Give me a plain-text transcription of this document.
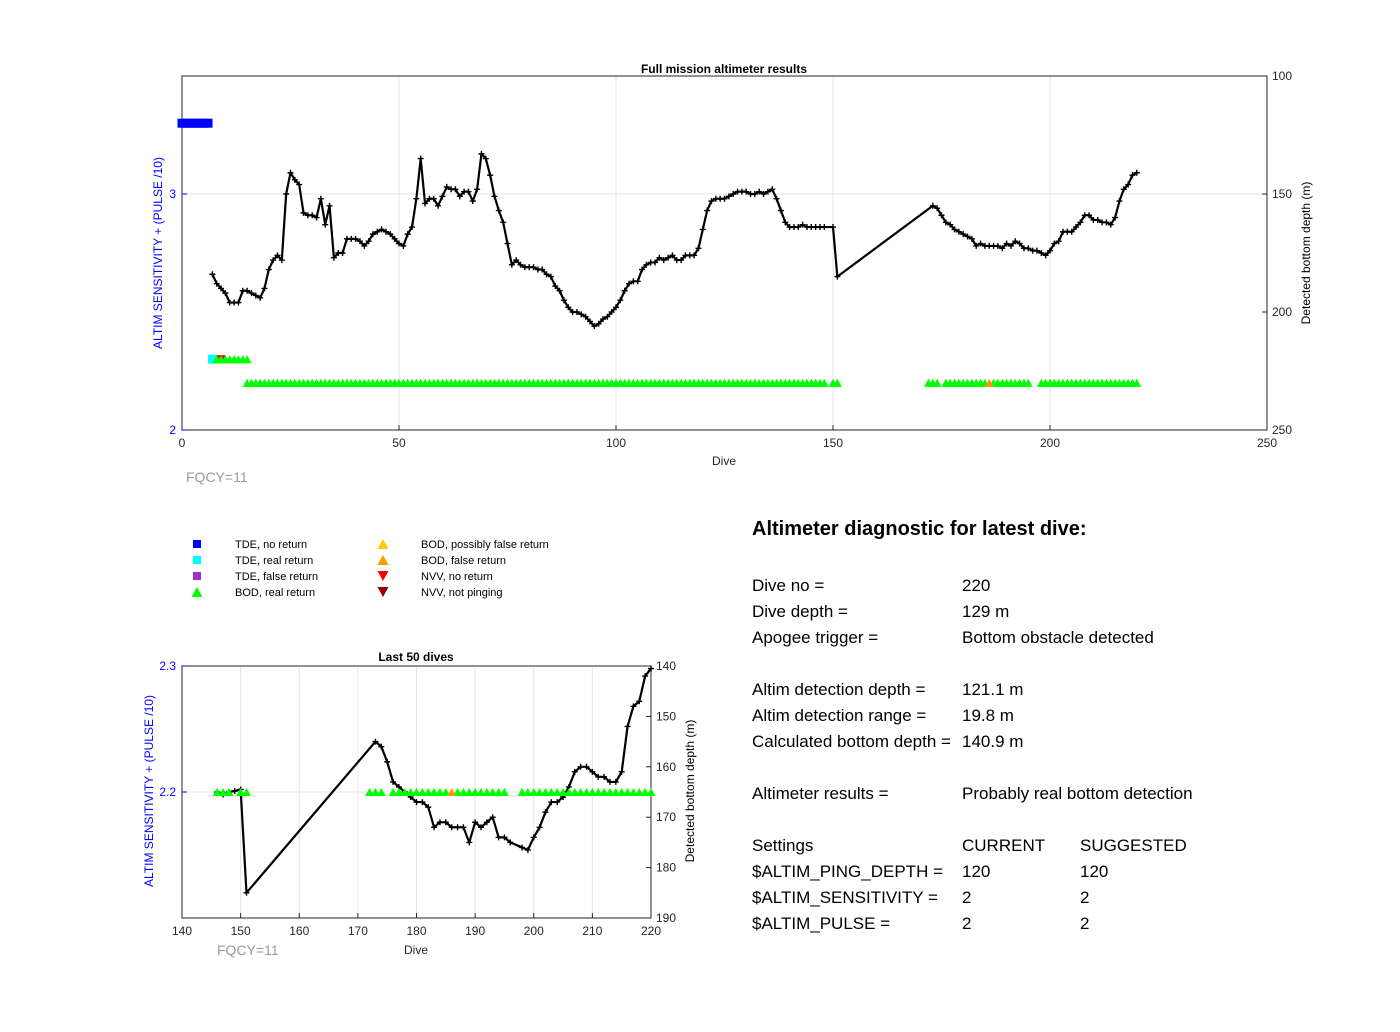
Full mission altimeter results
Dive
ALTIM SENSITIVITY + (PULSE /10)	Detected bottom depth (m)
FQCY=11
0	50	100	150	200	250
2
3
100
150
200
250
TDE, no return
TDE, real return
TDE, false return
BOD, real return
BOD, possibly false return
BOD, false return
NVV, no return
NVV, not pinging
Last 50 dives
Dive
ALTIM SENSITIVITY + (PULSE /10)	Detected bottom depth (m)
FQCY=11
140	150	160	170	180	190	200	210	220
2.2
2.3	140
150
160
170
180
190
Altimeter diagnostic for latest dive:
Dive no =	220
Dive depth =	129 m
Apogee trigger =	Bottom obstacle detected
Altim detection depth = 121.1 m
Altim detection range = 19.8 m
Calculated bottom depth = 140.9 m
Altimeter results =	Probably real bottom detection
Settings	CURRENT SUGGESTED
$ALTIM_PING_DEPTH = 120	120
$ALTIM_SENSITIVITY = 2	2
$ALTIM_PULSE =	2	2
